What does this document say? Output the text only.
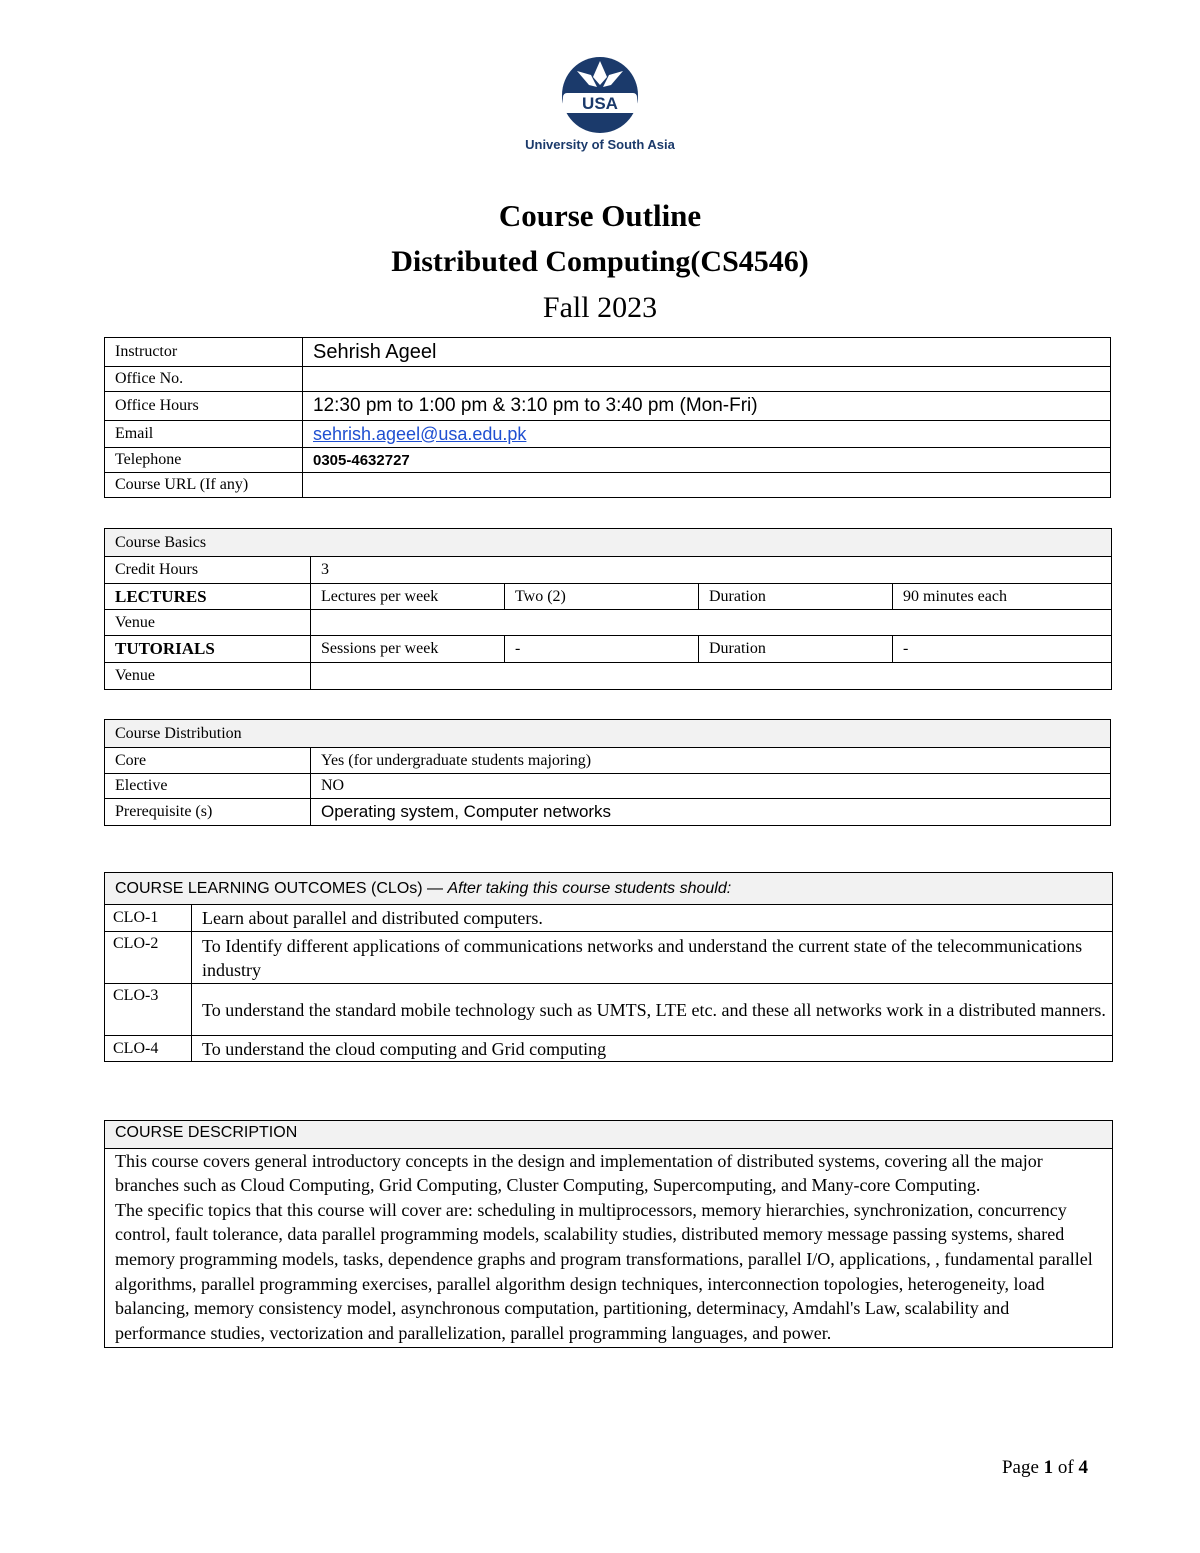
USA
University of South Asia
Course Outline
Distributed Computing(CS4546)
Fall 2023
Instructor	Sehrish Ageel
Office No.	
Office Hours	12:30 pm to 1:00 pm & 3:10 pm to 3:40 pm (Mon-Fri)
Email	sehrish.ageel@usa.edu.pk
Telephone	0305-4632727
Course URL (If any)	
Course Basics				
Credit Hours	3			
LECTURES	Lectures per week	Two (2)	Duration	90 minutes each
Venue				
TUTORIALS	Sessions per week	-	Duration	-
Venue				
Course Distribution	
Core	Yes (for undergraduate students majoring)
Elective	NO
Prerequisite (s)	Operating system, Computer networks
COURSE LEARNING OUTCOMES (CLOs) — After taking this course students should:	
CLO-1	Learn about parallel and distributed computers.
CLO-2	To Identify different applications of communications networks and understand the current state of the telecommunications industry
CLO-3	To understand the standard mobile technology such as UMTS, LTE etc. and these all networks work in a distributed manners.
CLO-4	To understand the cloud computing and Grid computing
COURSE DESCRIPTION

This course covers general introductory concepts in the design and implementation of distributed systems, covering all the major branches such as Cloud Computing, Grid Computing, Cluster Computing, Supercomputing, and Many-core Computing.
The specific topics that this course will cover are: scheduling in multiprocessors, memory hierarchies, synchronization, concurrency control, fault tolerance, data parallel programming models, scalability studies, distributed memory message passing systems, shared memory programming models, tasks, dependence graphs and program transformations, parallel I/O, applications, , fundamental parallel algorithms, parallel programming exercises, parallel algorithm design techniques, interconnection topologies, heterogeneity, load balancing, memory consistency model, asynchronous computation, partitioning, determinacy, Amdahl's Law, scalability and performance studies, vectorization and parallelization, parallel programming languages, and power.
Page 1 of 4
